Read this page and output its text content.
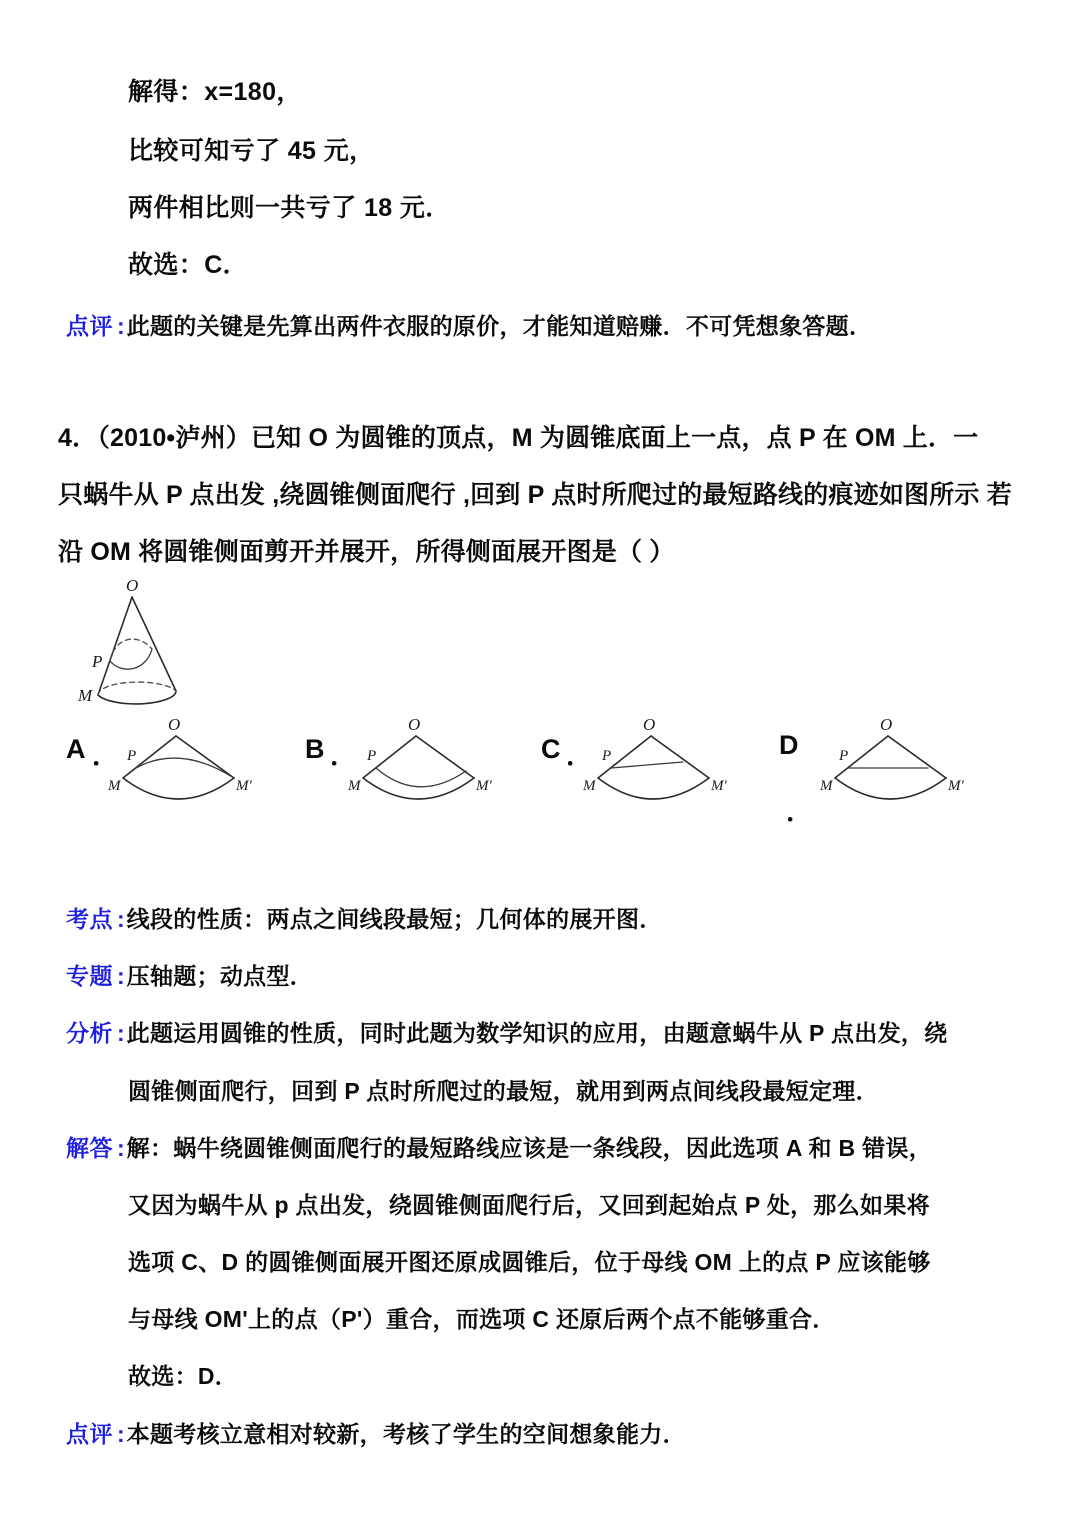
解得：x=180，
比较可知亏了 45 元，
两件相比则一共亏了 18 元．
故选：C．
点评 : 此题的关键是先算出两件衣服的原价，才能知道赔赚．不可凭想象答题．
4．（2010•泸州）已知 O 为圆锥的顶点，M 为圆锥底面上一点，点 P 在 OM 上．一
只蜗牛从 P 点出发 ,绕圆锥侧面爬行 ,回到 P 点时所爬过的最短路线的痕迹如图所示 若
沿 OM 将圆锥侧面剪开并展开，所得侧面展开图是（ ）
O
P
M
A ．
O
P
M	M'
B ．
O
P
M	M'
C ．
O
P
M	M'
D
．
O
P
M	M'
考点 : 线段的性质：两点之间线段最短；几何体的展开图．
专题 : 压轴题；动点型．
分析 : 此题运用圆锥的性质，同时此题为数学知识的应用，由题意蜗牛从 P 点出发，绕
圆锥侧面爬行，回到 P 点时所爬过的最短，就用到两点间线段最短定理．
解答 : 解：蜗牛绕圆锥侧面爬行的最短路线应该是一条线段，因此选项 A 和 B 错误，
又因为蜗牛从 p 点出发，绕圆锥侧面爬行后，又回到起始点 P 处，那么如果将
选项 C、D 的圆锥侧面展开图还原成圆锥后，位于母线 OM 上的点 P 应该能够
与母线 OM'上的点（P'）重合，而选项 C 还原后两个点不能够重合．
故选：D．
点评 : 本题考核立意相对较新，考核了学生的空间想象能力．
